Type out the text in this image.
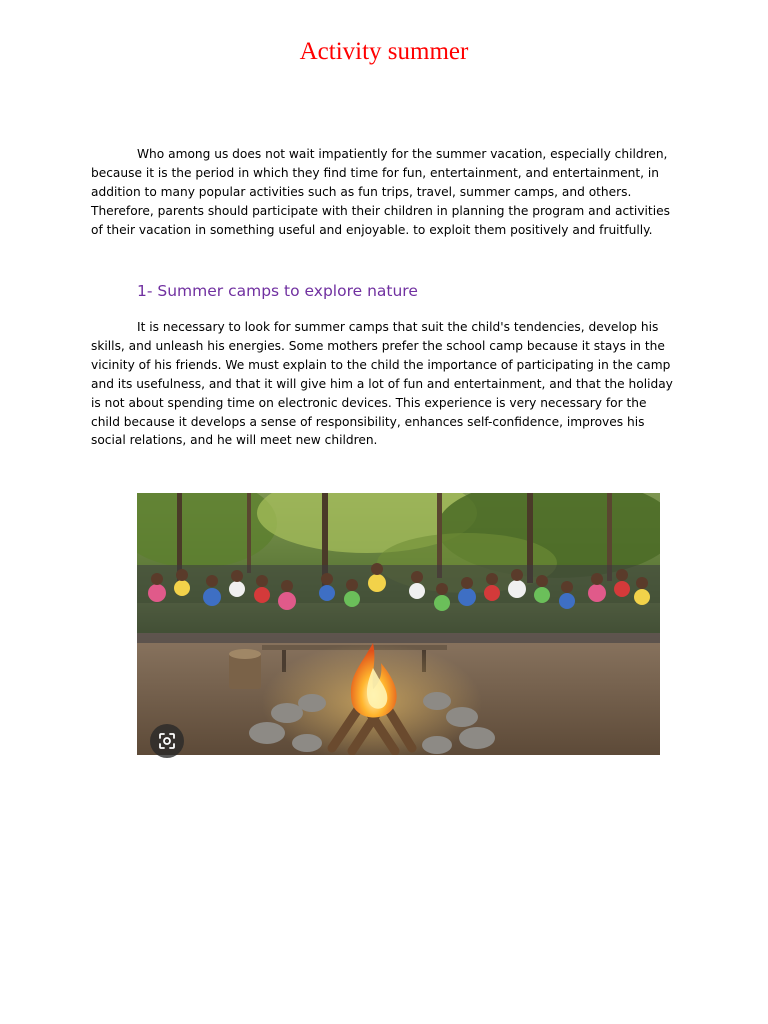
Activity summer

Who among us does not wait impatiently for the summer vacation, especially children, because it is the period in which they find time for fun, entertainment, and entertainment, in addition to many popular activities such as fun trips, travel, summer camps, and others. Therefore, parents should participate with their children in planning the program and activities of their vacation in something useful and enjoyable. to exploit them positively and fruitfully.

1- Summer camps to explore nature

It is necessary to look for summer camps that suit the child's tendencies, develop his skills, and unleash his energies. Some mothers prefer the school camp because it stays in the vicinity of his friends. We must explain to the child the importance of participating in the camp and its usefulness, and that it will give him a lot of fun and entertainment, and that the holiday is not about spending time on electronic devices. This experience is very necessary for the child because it develops a sense of responsibility, enhances self-confidence, improves his social relations, and he will meet new children.
